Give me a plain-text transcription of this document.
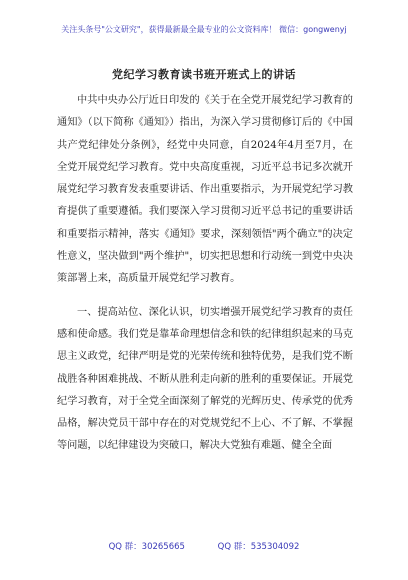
关注头条号"公文研究"，获得最新最全最专业的公文资料库！ 微信：gongwenyj
党纪学习教育读书班开班式上的讲话

中共中央办公厅近日印发的《关于在全党开展党纪学习教育的通知》（以下简称《通知》）指出，为深入学习贯彻修订后的《中国共产党纪律处分条例》，经党中央同意，自2024年4月至7月，在全党开展党纪学习教育。党中央高度重视，习近平总书记多次就开展党纪学习教育发表重要讲话、作出重要指示，为开展党纪学习教育提供了重要遵循。我们要深入学习贯彻习近平总书记的重要讲话和重要指示精神，落实《通知》要求，深刻领悟"两个确立"的决定性意义，坚决做到"两个维护"，切实把思想和行动统一到党中央决策部署上来，高质量开展党纪学习教育。

一、提高站位、深化认识，切实增强开展党纪学习教育的责任感和使命感。我们党是靠革命理想信念和铁的纪律组织起来的马克思主义政党，纪律严明是党的光荣传统和独特优势，是我们党不断战胜各种困难挑战、不断从胜利走向新的胜利的重要保证。开展党纪学习教育，对于全党全面深刻了解党的光辉历史、传承党的优秀品格，解决党员干部中存在的对党规党纪不上心、不了解、不掌握等问题，以纪律建设为突破口，解决大党独有难题、健全全面

QQ 群：30265665	QQ 群：535304092
